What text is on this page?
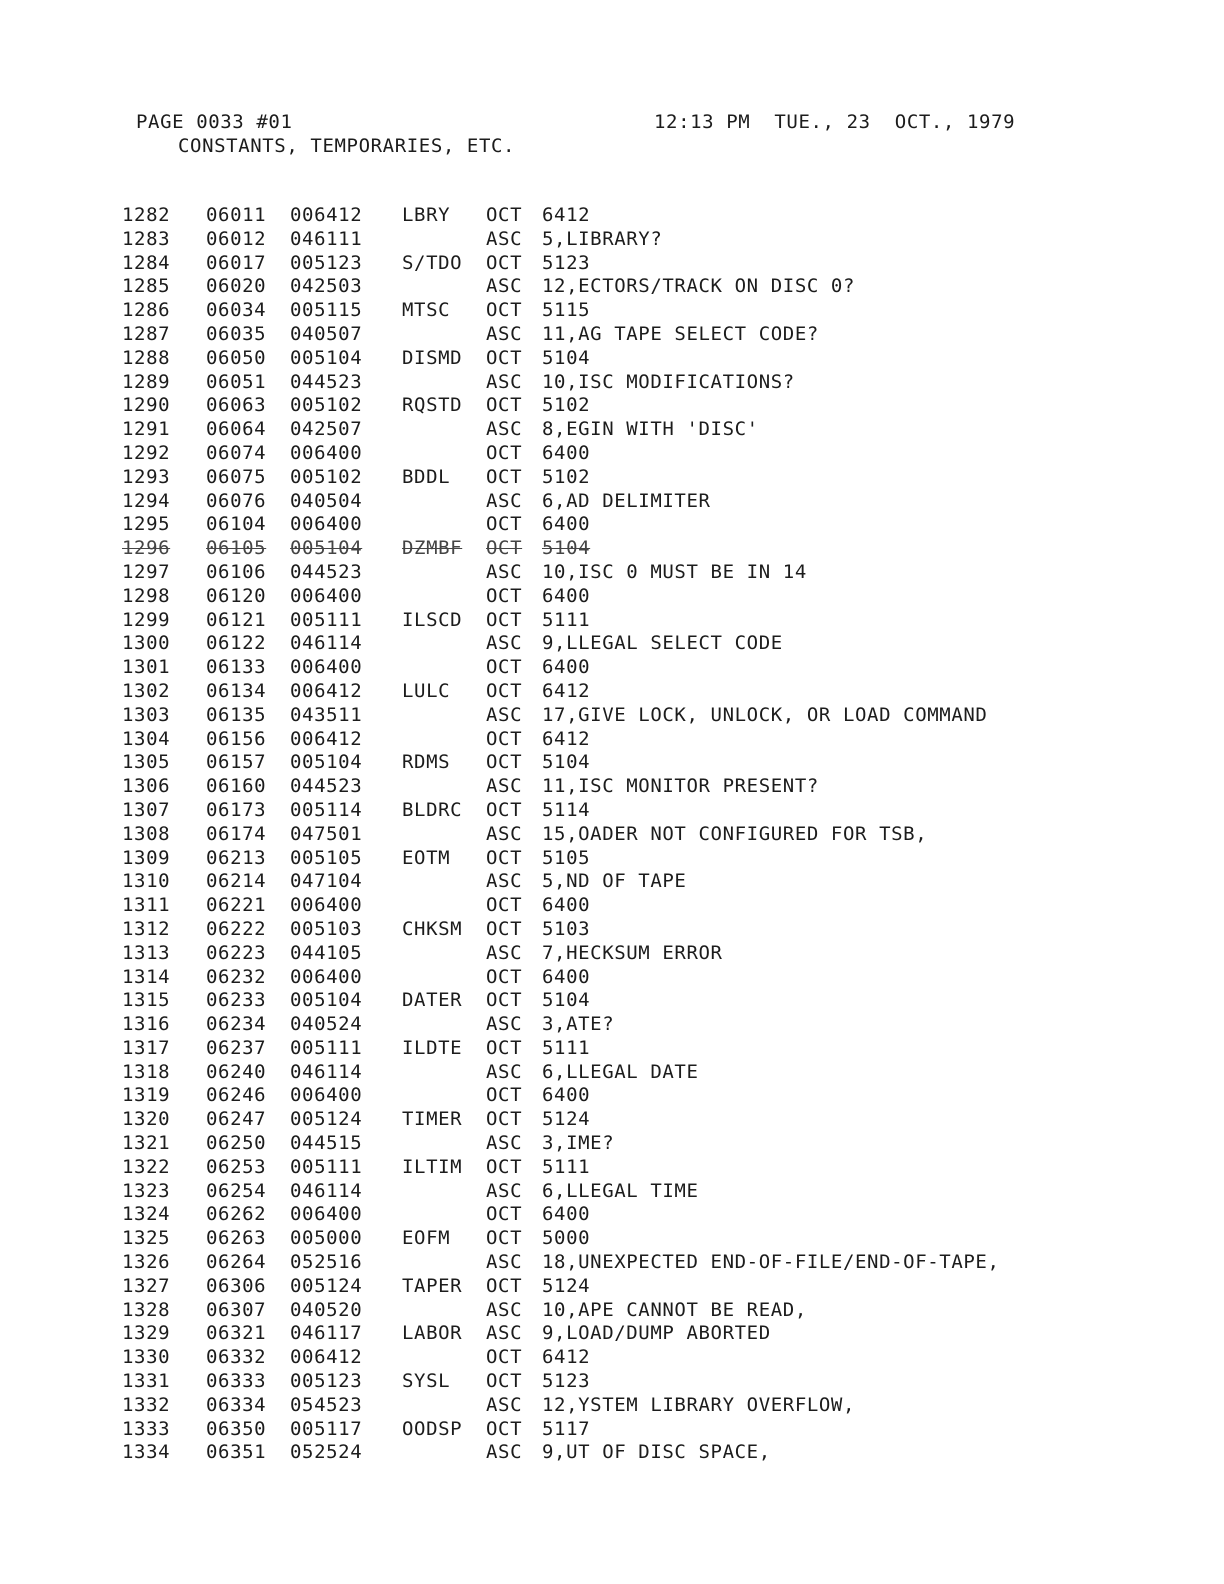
PAGE 0033 #01

	12:13 PM  TUE., 23  OCT., 1979

CONSTANTS, TEMPORARIES, ETC.

1282 06011 006412 LBRY OCT 6412
1283 06012 046111	ASC 5,LIBRARY?
1284 06017 005123 S/TDO OCT 5123
1285 06020 042503	ASC 12,ECTORS/TRACK ON DISC 0?
1286 06034 005115 MTSC OCT 5115
1287 06035 040507	ASC 11,AG TAPE SELECT CODE?
1288 06050 005104 DISMD OCT 5104
1289 06051 044523	ASC 10,ISC MODIFICATIONS?
1290 06063 005102 RQSTD OCT 5102
1291 06064 042507	ASC 8,EGIN WITH 'DISC'
1292 06074 006400	OCT 6400
1293 06075 005102 BDDL OCT 5102
1294 06076 040504	ASC 6,AD DELIMITER
1295 06104 006400	OCT 6400
1296 06105 005104 DZMBF OCT 5104
1297 06106 044523	ASC 10,ISC 0 MUST BE IN 14
1298 06120 006400	OCT 6400
1299 06121 005111 ILSCD OCT 5111
1300 06122 046114	ASC 9,LLEGAL SELECT CODE
1301 06133 006400	OCT 6400
1302 06134 006412 LULC OCT 6412
1303 06135 043511	ASC 17,GIVE LOCK, UNLOCK, OR LOAD COMMAND
1304 06156 006412	OCT 6412
1305 06157 005104 RDMS OCT 5104
1306 06160 044523	ASC 11,ISC MONITOR PRESENT?
1307 06173 005114 BLDRC OCT 5114
1308 06174 047501	ASC 15,OADER NOT CONFIGURED FOR TSB,
1309 06213 005105 EOTM OCT 5105
1310 06214 047104	ASC 5,ND OF TAPE
1311 06221 006400	OCT 6400
1312 06222 005103 CHKSM OCT 5103
1313 06223 044105	ASC 7,HECKSUM ERROR
1314 06232 006400	OCT 6400
1315 06233 005104 DATER OCT 5104
1316 06234 040524	ASC 3,ATE?
1317 06237 005111 ILDTE OCT 5111
1318 06240 046114	ASC 6,LLEGAL DATE
1319 06246 006400	OCT 6400
1320 06247 005124 TIMER OCT 5124
1321 06250 044515	ASC 3,IME?
1322 06253 005111 ILTIM OCT 5111
1323 06254 046114	ASC 6,LLEGAL TIME
1324 06262 006400	OCT 6400
1325 06263 005000 EOFM OCT 5000
1326 06264 052516	ASC 18,UNEXPECTED END-OF-FILE/END-OF-TAPE,
1327 06306 005124 TAPER OCT 5124
1328 06307 040520	ASC 10,APE CANNOT BE READ,
1329 06321 046117 LABOR ASC 9,LOAD/DUMP ABORTED
1330 06332 006412	OCT 6412
1331 06333 005123 SYSL OCT 5123
1332 06334 054523	ASC 12,YSTEM LIBRARY OVERFLOW,
1333 06350 005117 OODSP OCT 5117
1334 06351 052524	ASC 9,UT OF DISC SPACE,
